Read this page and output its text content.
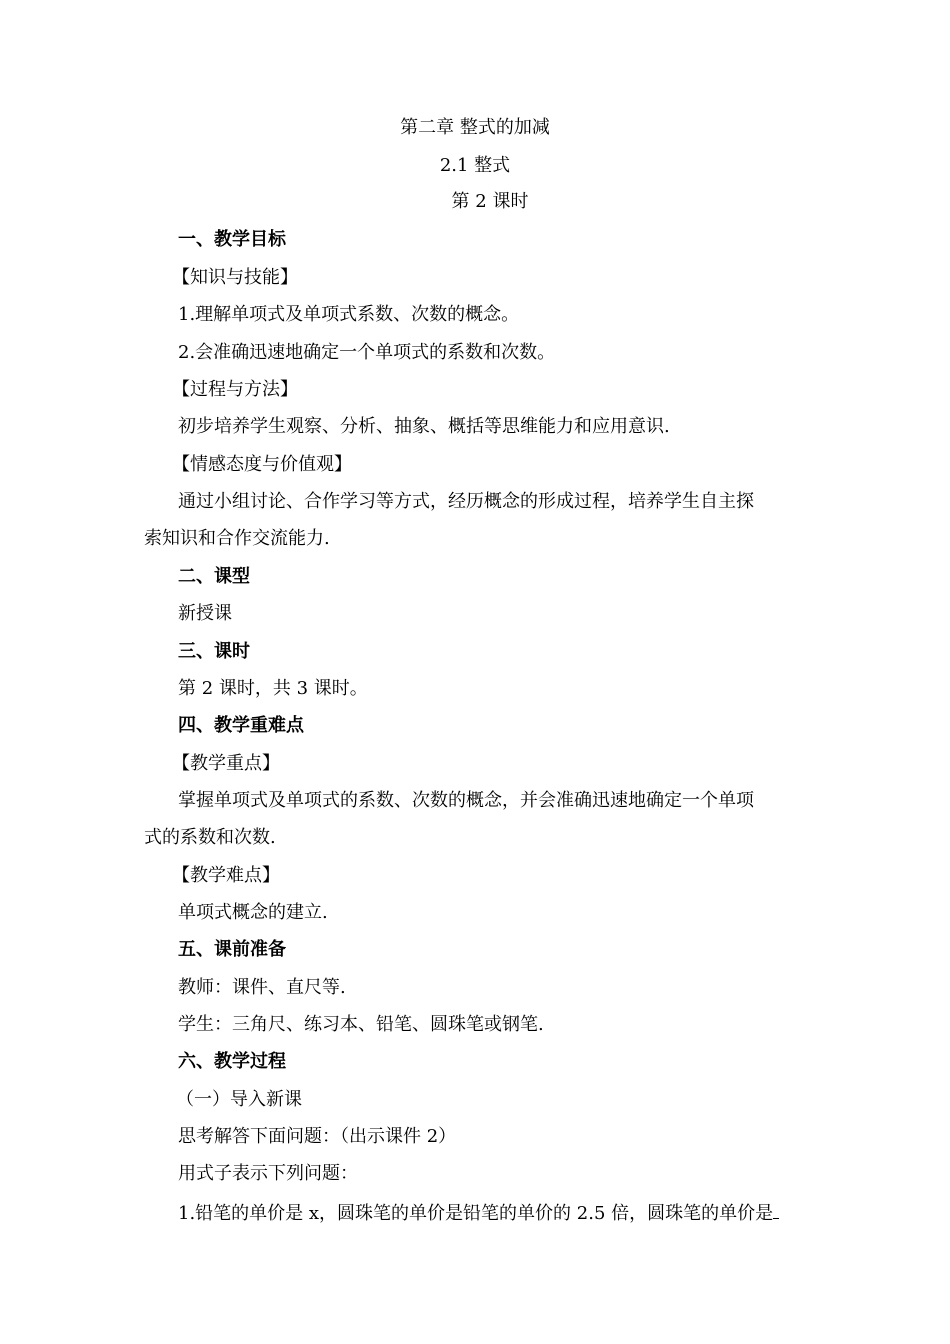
第二章 整式的加减
2.1 整式
第 2 课时
一、教学目标
【知识与技能】
1.理解单项式及单项式系数、次数的概念。
2.会准确迅速地确定一个单项式的系数和次数。
【过程与方法】
初步培养学生观察、分析、抽象、概括等思维能力和应用意识.
【情感态度与价值观】
通过小组讨论、合作学习等方式，经历概念的形成过程，培养学生自主探
索知识和合作交流能力.
二、课型
新授课
三、课时
第 2 课时，共 3 课时。
四、教学重难点
【教学重点】
掌握单项式及单项式的系数、次数的概念，并会准确迅速地确定一个单项
式的系数和次数.
【教学难点】
单项式概念的建立.
五、课前准备
教师：课件、直尺等.
学生：三角尺、练习本、铅笔、圆珠笔或钢笔.
六、教学过程
（一）导入新课
思考解答下面问题：（出示课件 2）
用式子表示下列问题：
1.铅笔的单价是 x，圆珠笔的单价是铅笔的单价的 2.5 倍，圆珠笔的单价是
